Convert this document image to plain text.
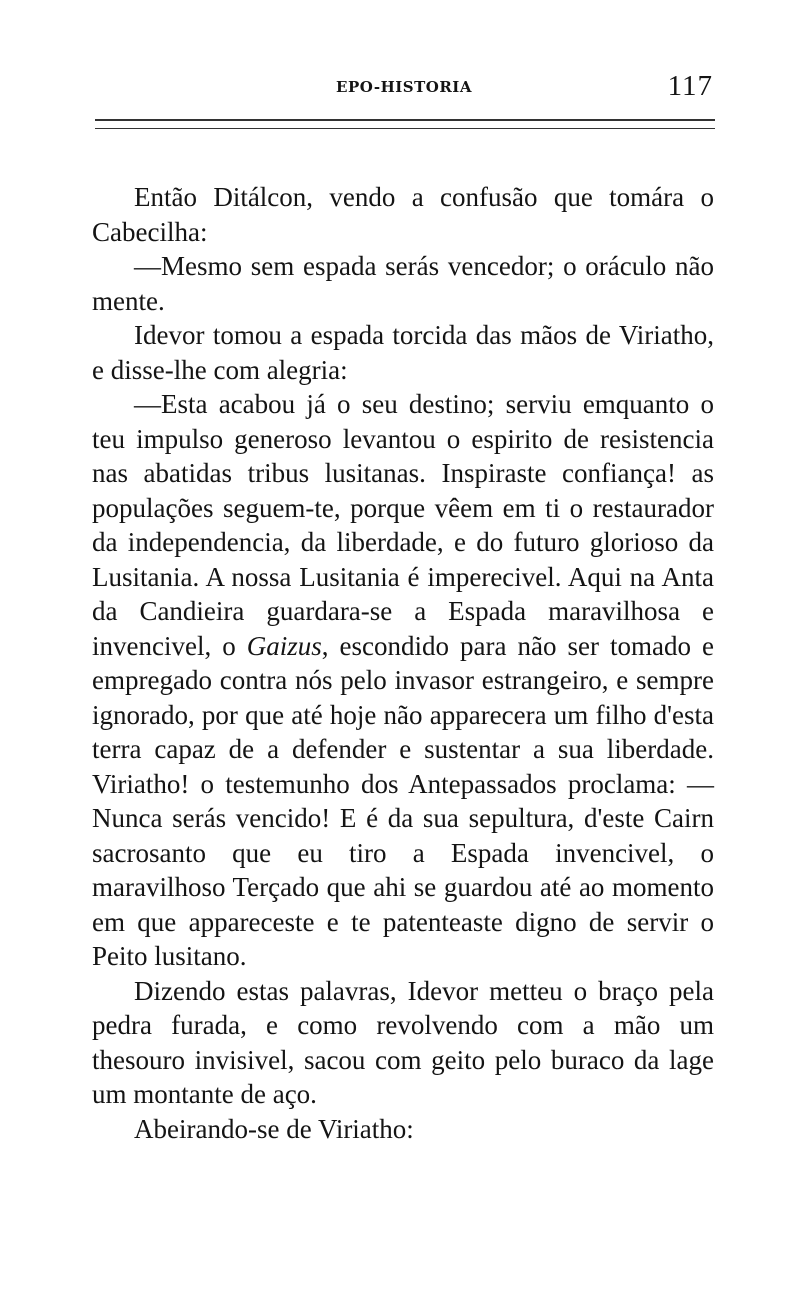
EPO-HISTORIA	117

Então Ditálcon, vendo a confusão que tomára o Cabecilha:

—Mesmo sem espada serás vencedor; o oráculo não mente.

Idevor tomou a espada torcida das mãos de Viriatho, e disse-lhe com alegria:

—Esta acabou já o seu destino; serviu emquanto o teu impulso generoso levantou o espirito de resistencia nas abatidas tribus lusitanas. Inspiraste confiança! as populações seguem-te, porque vêem em ti o restaurador da independencia, da liberdade, e do futuro glorioso da Lusitania. A nossa Lusitania é imperecivel. Aqui na Anta da Candieira guardara-se a Espada maravilhosa e invencivel, o Gaizus, escondido para não ser tomado e empregado contra nós pelo invasor estrangeiro, e sempre ignorado, por que até hoje não apparecera um filho d'esta terra capaz de a defender e sustentar a sua liberdade. Viriatho! o testemunho dos Antepassados proclama: —Nunca serás vencido! E é da sua sepultura, d'este Cairn sacrosanto que eu tiro a Espada invencivel, o maravilhoso Terçado que ahi se guardou até ao momento em que appareceste e te patenteaste digno de servir o Peito lusitano.

Dizendo estas palavras, Idevor metteu o braço pela pedra furada, e como revolvendo com a mão um thesouro invisivel, sacou com geito pelo buraco da lage um montante de aço.

Abeirando-se de Viriatho:
